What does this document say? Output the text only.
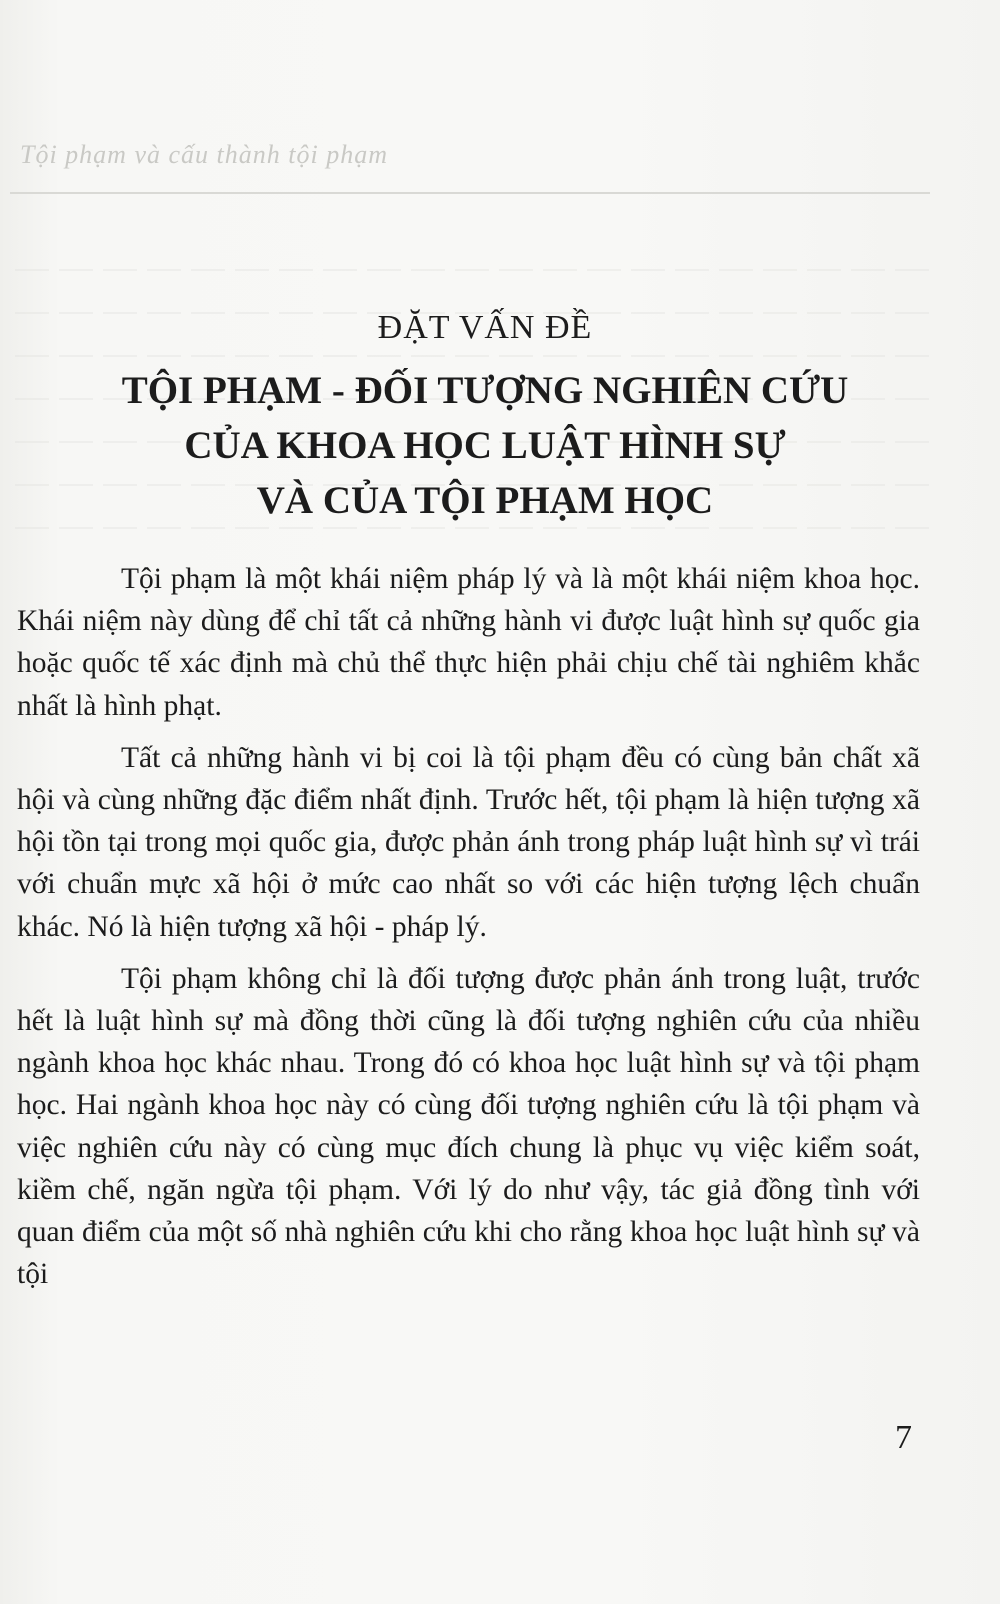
Tội phạm và cấu thành tội phạm
ĐẶT VẤN ĐỀ
TỘI PHẠM - ĐỐI TƯỢNG NGHIÊN CỨU
CỦA KHOA HỌC LUẬT HÌNH SỰ
VÀ CỦA TỘI PHẠM HỌC

Tội phạm là một khái niệm pháp lý và là một khái niệm khoa học. Khái niệm này dùng để chỉ tất cả những hành vi được luật hình sự quốc gia hoặc quốc tế xác định mà chủ thể thực hiện phải chịu chế tài nghiêm khắc nhất là hình phạt.

Tất cả những hành vi bị coi là tội phạm đều có cùng bản chất xã hội và cùng những đặc điểm nhất định. Trước hết, tội phạm là hiện tượng xã hội tồn tại trong mọi quốc gia, được phản ánh trong pháp luật hình sự vì trái với chuẩn mực xã hội ở mức cao nhất so với các hiện tượng lệch chuẩn khác. Nó là hiện tượng xã hội - pháp lý.

Tội phạm không chỉ là đối tượng được phản ánh trong luật, trước hết là luật hình sự mà đồng thời cũng là đối tượng nghiên cứu của nhiều ngành khoa học khác nhau. Trong đó có khoa học luật hình sự và tội phạm học. Hai ngành khoa học này có cùng đối tượng nghiên cứu là tội phạm và việc nghiên cứu này có cùng mục đích chung là phục vụ việc kiểm soát, kiềm chế, ngăn ngừa tội phạm. Với lý do như vậy, tác giả đồng tình với quan điểm của một số nhà nghiên cứu khi cho rằng khoa học luật hình sự và tội

7
